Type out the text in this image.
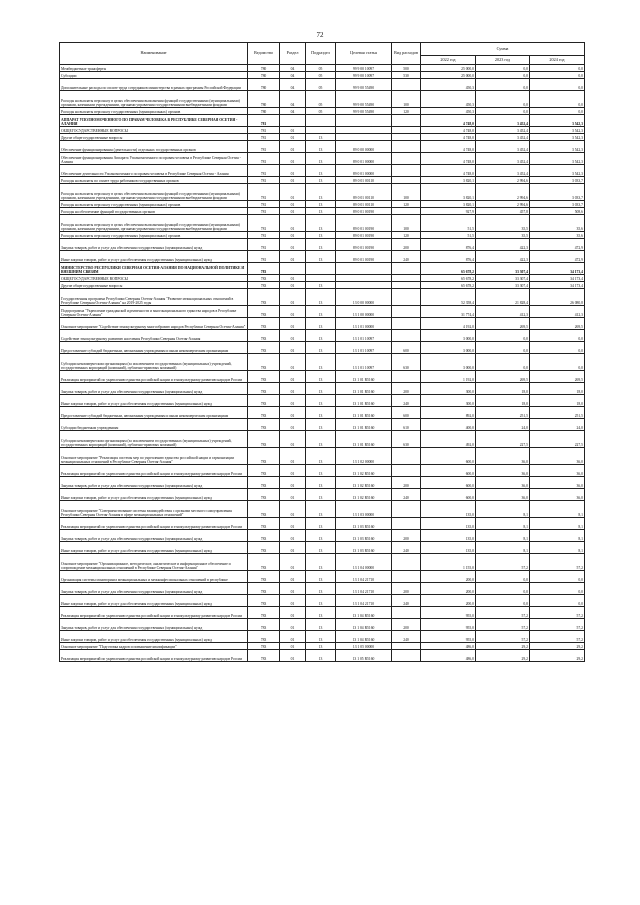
72
Наименование	Ведомство	Раздел	Подраздел	Целевая статья	Вид расходов	Сумма		
						2022 год	2023 год	2024 год
Межбюджетные трансферты	780	04	05	99 9 00 10097	500	25 000,0	0,0	0,0
Субсидии	780	04	05	99 9 00 10097	530	25 000,0	0,0	0,0
Дополнительные расходы по оплате труда сотрудников министерства в рамках программы Российской Федерации	780	04	05	99 9 00 55490		450,3	0,0	0,0
Расходы на выплаты персоналу в целях обеспечения выполнения функций государственными (муниципальными) органами, казенными учреждениями, органами управления государственными внебюджетными фондами	780	04	05	99 9 00 55490	100	450,3	0,0	0,0
Расходы на выплаты персоналу государственных (муниципальных) органов	780	04	05	99 9 00 55490	120	450,3	0,0	0,0
АППАРАТ УПОЛНОМОЧЕННОГО ПО ПРАВАМ ЧЕЛОВЕКА В РЕСПУБЛИКЕ СЕВЕРНАЯ ОСЕТИЯ - АЛАНИЯ	781					4 748,0	3 452,4	3 542,3
ОБЩЕГОСУДАРСТВЕННЫЕ ВОПРОСЫ	781	01				4 748,0	3 452,4	3 542,3
Другие общегосударственные вопросы	781	01	13			4 748,0	3 452,4	3 542,3
Обеспечение функционирования (деятельности) отдельных государственных органов	781	01	13	89 0 00 00000		4 748,0	3 452,4	3 542,3
Обеспечение функционирования Аппарата Уполномоченного по правам человека в Республике Северная Осетия - Алания	781	01	13	89 0 01 00000		4 748,0	3 452,4	3 542,3
Обеспечение деятельности Уполномоченного по правам человека в Республике Северная Осетия - Алания	781	01	13	89 0 01 00000		4 748,0	3 452,4	3 542,3
Расходы на выплаты по оплате труда работников государственных органов	781	01	13	89 0 01 00110		3 820,1	2 994,6	3 033,7
Расходы на выплаты персоналу в целях обеспечения выполнения функций государственными (муниципальными) органами, казенными учреждениями, органами управления государственными внебюджетными фондами	781	01	13	89 0 01 00110	100	3 820,1	2 994,6	3 033,7
Расходы на выплаты персоналу государственных (муниципальных) органов	781	01	13	89 0 01 00110	120	3 820,1	2 994,6	3 033,7
Расходы на обеспечение функций государственных органов	781	01	13	89 0 01 00190		927,9	457,8	508,6
Расходы на выплаты персоналу в целях обеспечения выполнения функций государственными (муниципальными) органами, казенными учреждениями, органами управления государственными внебюджетными фондами	781	01	13	89 0 01 00190	100	51,5	35,5	35,6
Расходы на выплаты персоналу государственных (муниципальных) органов	781	01	13	89 0 01 00190	120	51,5	35,5	35,6
Закупка товаров, работ и услуг для обеспечения государственных (муниципальных) нужд	781	01	13	89 0 01 00190	200	876,4	422,3	472,9
Иные закупки товаров, работ и услуг для обеспечения государственных (муниципальных) нужд	781	01	13	89 0 01 00190	240	876,4	422,3	472,9
МИНИСТЕРСТВО РЕСПУБЛИКИ СЕВЕРНАЯ ОСЕТИЯ-АЛАНИЯ ПО НАЦИОНАЛЬНОЙ ПОЛИТИКЕ И ВНЕШНИМ СВЯЗЯМ	783					65 678,2	33 307,4	34 173,4
ОБЩЕГОСУДАРСТВЕННЫЕ ВОПРОСЫ	783	01				65 678,2	33 307,4	34 173,4
Другие общегосударственные вопросы	783	01	13			65 678,2	33 307,4	34 173,4
Государственная программа Республики Северная Осетия-Алания "Развитие межнациональных отношений в Республике Северная Осетия-Алания" на 2019-2025 годы	783	01	13	13 0 00 00000		52 358,4	21 828,4	26 080,8
Подпрограмма "Укрепление гражданской идентичности и многонационального единства народов в Республике Северная Осетия-Алания"	783	01	13	13 1 00 00000		31 774,4	412,3	412,3
Основное мероприятие "Содействие этнокультурному многообразию народов Республики Северная Осетия-Алания"	783	01	13	13 1 01 00000		4 192,0	269,5	269,5
Содействие этнокультурному развитию населения Республики Северная Осетия-Алания	783	01	13	13 1 01 10097		3 000,0	0,0	0,0
Предоставление субсидий бюджетным, автономным учреждениям и иным некоммерческим организациям	783	01	13	13 1 01 10097	600	3 000,0	0,0	0,0
Субсидии некоммерческим организациям (за исключением государственных (муниципальных) учреждений, государственных корпораций (компаний), публично-правовых компаний)	783	01	13	13 1 01 10097	630	3 000,0	0,0	0,0
Реализация мероприятий по укреплению единства российской нации и этнокультурному развитию народов России	783	01	13	13 1 01 R5160		1 192,0	269,5	269,5
Закупка товаров, работ и услуг для обеспечения государственных (муниципальных) нужд	783	01	13	13 1 01 R5160	200	300,0	18,0	18,0
Иные закупки товаров, работ и услуг для обеспечения государственных (муниципальных) нужд	783	01	13	13 1 01 R5160	240	300,0	18,0	18,0
Предоставление субсидий бюджетным, автономным учреждениям и иным некоммерческим организациям	783	01	13	13 1 01 R5160	600	892,0	251,5	251,5
Субсидии бюджетным учреждениям	783	01	13	13 1 01 R5160	610	400,0	24,0	24,0
Субсидии некоммерческим организациям (за исключением государственных (муниципальных) учреждений, государственных корпораций (компаний), публично-правовых компаний)	783	01	13	13 1 01 R5160	630	492,0	227,5	227,5
Основное мероприятие "Реализация системы мер по укреплению единства российской нации и гармонизации межнациональных отношений в Республике Северная Осетия-Алания"	783	01	13	13 1 02 00000		600,0	36,0	36,0
Реализация мероприятий по укреплению единства российской нации и этнокультурному развитию народов России	783	01	13	13 1 02 R5160		600,0	36,0	36,0
Закупка товаров, работ и услуг для обеспечения государственных (муниципальных) нужд	783	01	13	13 1 02 R5160	200	600,0	36,0	36,0
Иные закупки товаров, работ и услуг для обеспечения государственных (муниципальных) нужд	783	01	13	13 1 02 R5160	240	600,0	36,0	36,0
Основное мероприятие "Совершенствование системы взаимодействия с органами местного самоуправления Республики Северная Осетия-Алания в сфере межнациональных отношений"	783	01	13	13 1 03 00000		135,0	8,1	8,1
Реализация мероприятий по укреплению единства российской нации и этнокультурному развитию народов России	783	01	13	13 1 03 R5160		135,0	8,1	8,1
Закупка товаров, работ и услуг для обеспечения государственных (муниципальных) нужд	783	01	13	13 1 03 R5160	200	135,0	8,1	8,1
Иные закупки товаров, работ и услуг для обеспечения государственных (муниципальных) нужд	783	01	13	13 1 03 R5160	240	135,0	8,1	8,1
Основное мероприятие "Организационное, методическое, аналитическое и информационное обеспечение и сопровождение межнациональных отношений в Республике Северная Осетия-Алания"	783	01	13	13 1 04 00000		1 155,0	57,2	57,2
Организация системы мониторинга межнациональных и межконфессиональных отношений в республике	783	01	13	13 1 04 21710		200,0	0,0	0,0
Закупка товаров, работ и услуг для обеспечения государственных (муниципальных) нужд	783	01	13	13 1 04 21710	200	200,0	0,0	0,0
Иные закупки товаров, работ и услуг для обеспечения государственных (муниципальных) нужд	783	01	13	13 1 04 21710	240	200,0	0,0	0,0
Реализация мероприятий по укреплению единства российской нации и этнокультурному развитию народов России	783	01	13	13 1 04 R5160		955,0	57,2	57,2
Закупка товаров, работ и услуг для обеспечения государственных (муниципальных) нужд	783	01	13	13 1 04 R5160	200	955,0	57,2	57,2
Иные закупки товаров, работ и услуг для обеспечения государственных (муниципальных) нужд	783	01	13	13 1 04 R5160	240	955,0	57,2	57,2
Основное мероприятие "Подготовка кадров и повышение квалификации"	783	01	13	13 1 05 00000		486,0	29,2	29,2
Реализация мероприятий по укреплению единства российской нации и этнокультурному развитию народов России	783	01	13	13 1 05 R5160		486,0	29,2	29,2
